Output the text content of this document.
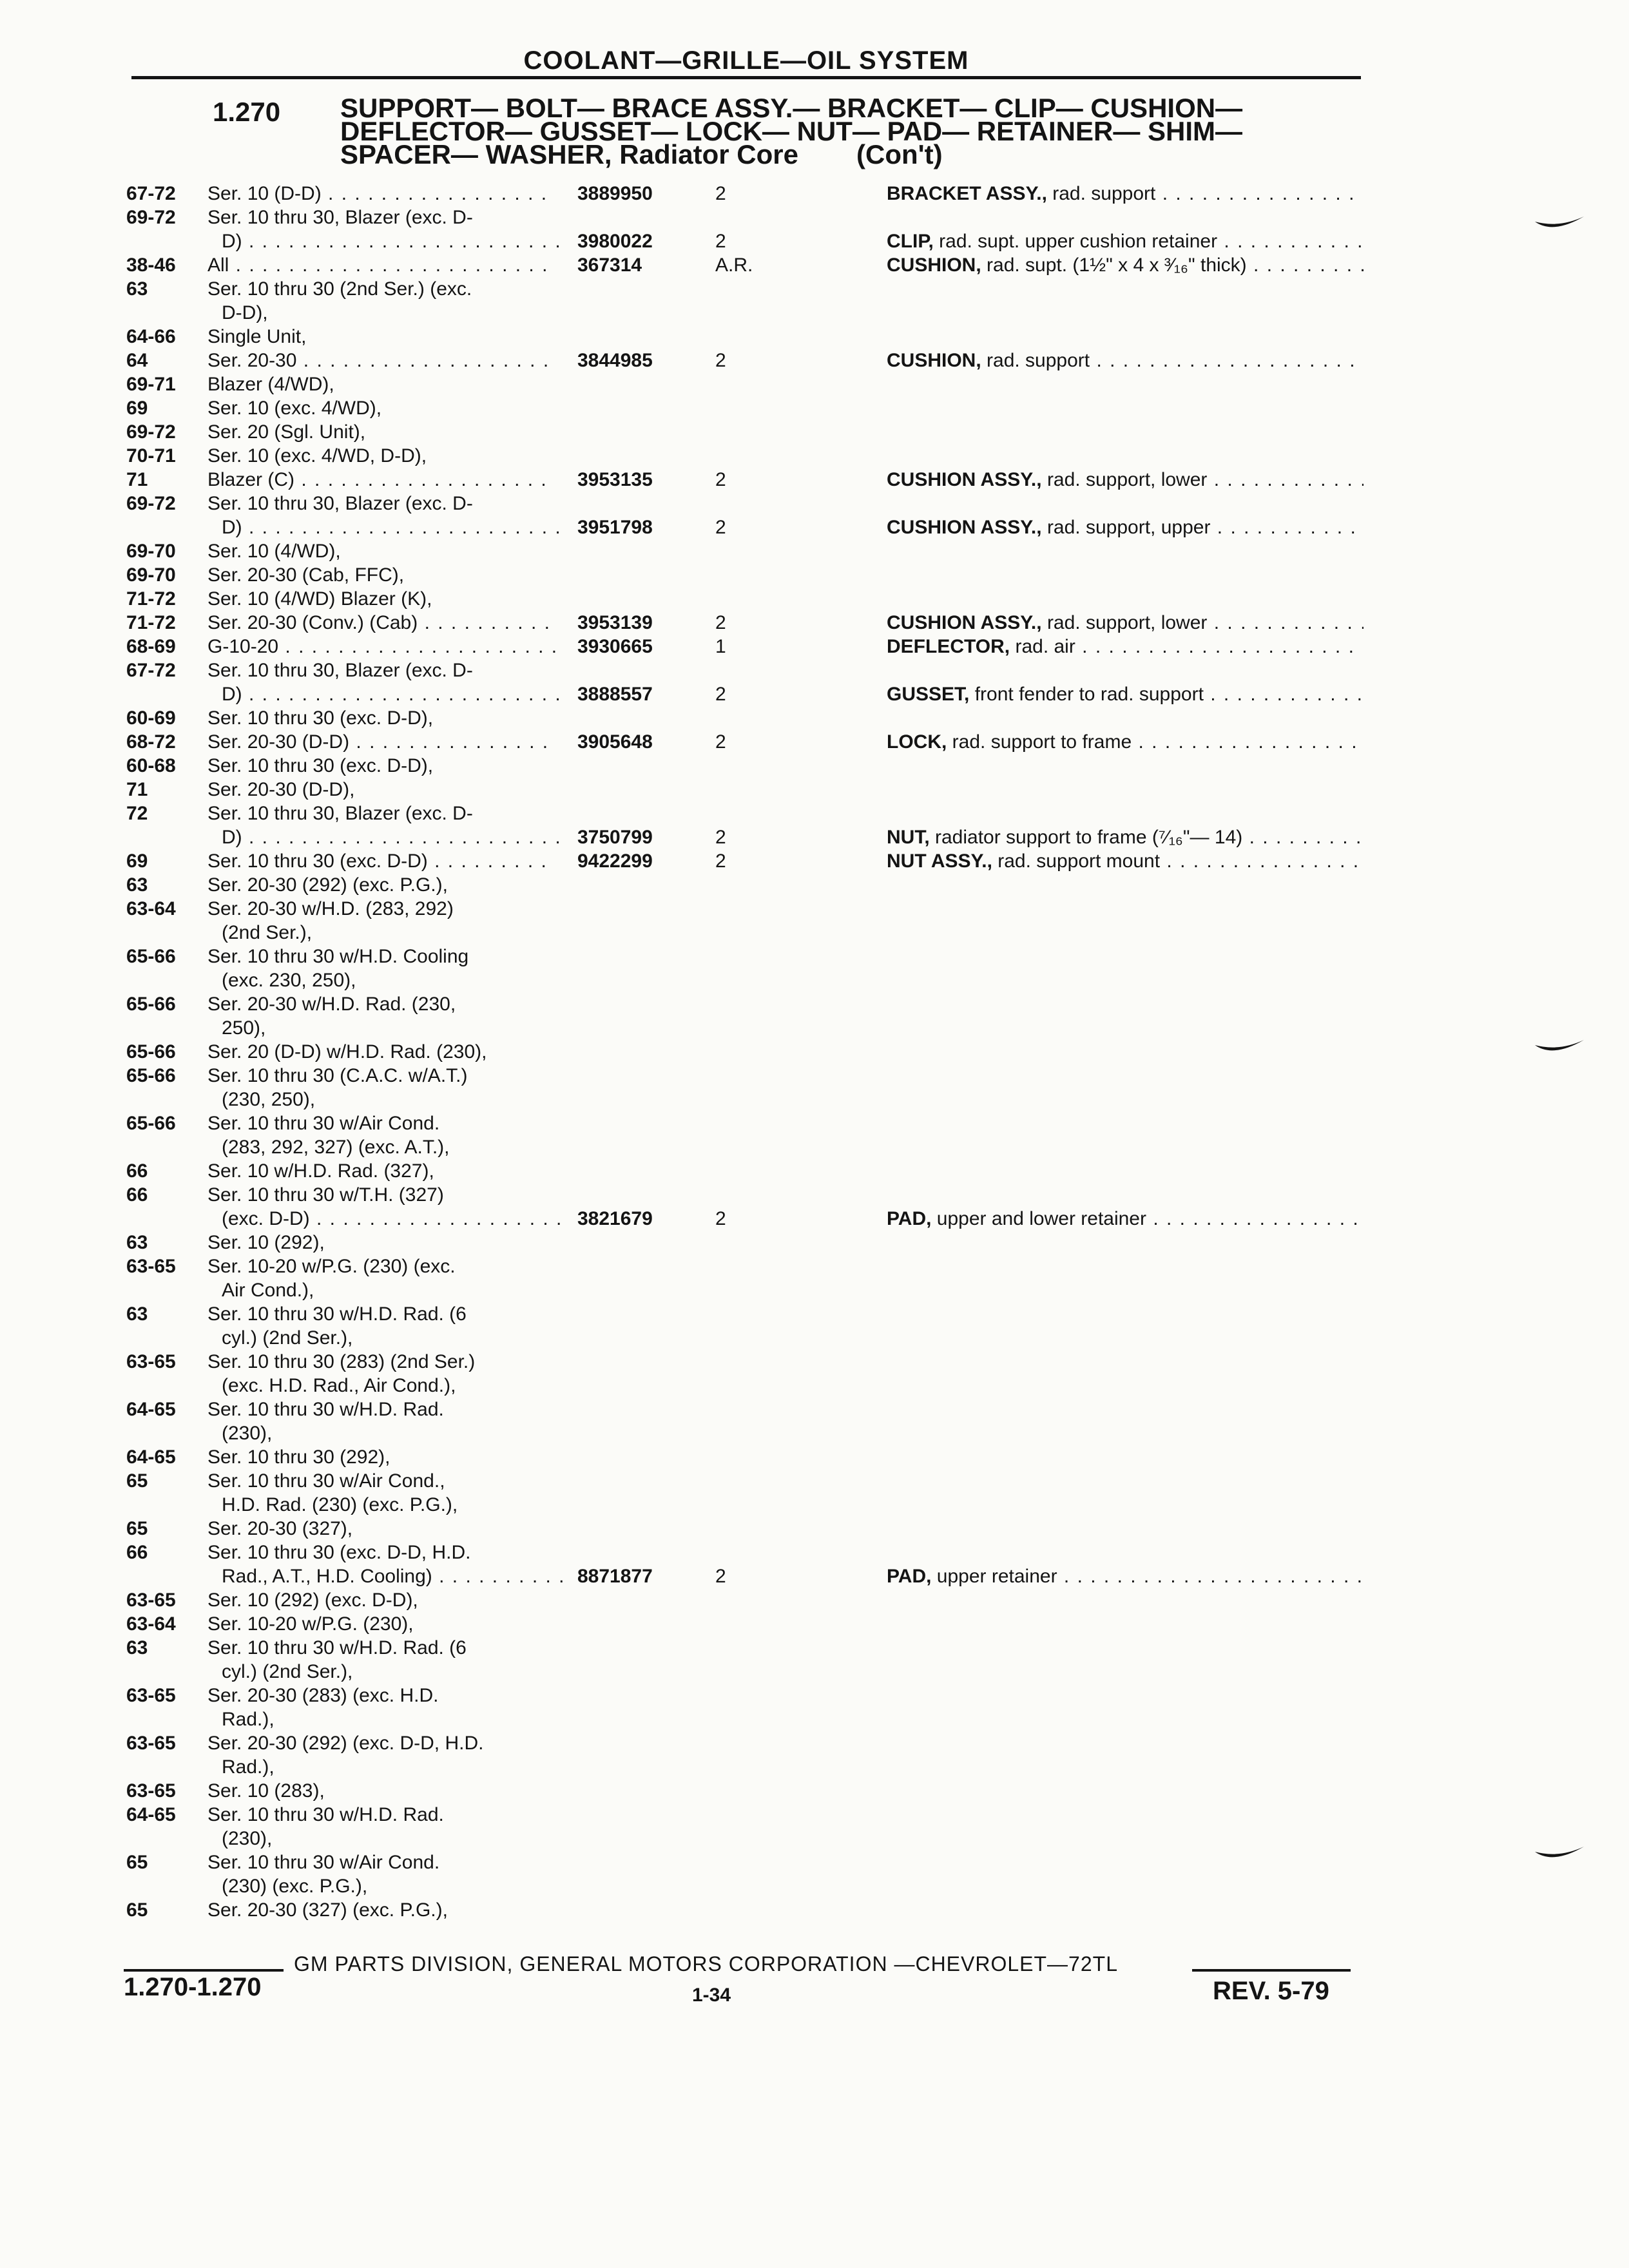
COOLANT—GRILLE—OIL SYSTEM
1.270 SUPPORT— BOLT— BRACE ASSY.— BRACKET— CLIP— CUSHION—
DEFLECTOR— GUSSET— LOCK— NUT— PAD— RETAINER— SHIM—
SPACER— WASHER, Radiator Core (Con't)
67-72 Ser. 10 (D-D) . . .	3889950	2	BRACKET ASSY., rad. support . . .
69-72 Ser. 10 thru 30, Blazer (exc. D-
D) . . .	3980022	2	CLIP, rad. supt. upper cushion retainer . . .
38-46 All . . .	367314	A.R.	CUSHION, rad. supt. (1½" x 4 x ³⁄₁₆" thick) . . .
63	Ser. 10 thru 30 (2nd Ser.) (exc.
D-D),
64-66 Single Unit,
64	Ser. 20-30 . . .	3844985	2	CUSHION, rad. support . . .
69-71 Blazer (4/WD),
69	Ser. 10 (exc. 4/WD),
69-72 Ser. 20 (Sgl. Unit),
70-71 Ser. 10 (exc. 4/WD, D-D),
71	Blazer (C) . . .	3953135	2	CUSHION ASSY., rad. support, lower . . .
69-72 Ser. 10 thru 30, Blazer (exc. D-
D) . . .	3951798	2	CUSHION ASSY., rad. support, upper . . .
69-70 Ser. 10 (4/WD),
69-70 Ser. 20-30 (Cab, FFC),
71-72 Ser. 10 (4/WD) Blazer (K),
71-72 Ser. 20-30 (Conv.) (Cab) . . .	3953139	2	CUSHION ASSY., rad. support, lower . . .
68-69 G-10-20 . . .	3930665	1	DEFLECTOR, rad. air . . .
67-72 Ser. 10 thru 30, Blazer (exc. D-
D) . . .	3888557	2	GUSSET, front fender to rad. support . . .
60-69 Ser. 10 thru 30 (exc. D-D),
68-72 Ser. 20-30 (D-D) . . .	3905648	2	LOCK, rad. support to frame . . .
60-68 Ser. 10 thru 30 (exc. D-D),
71	Ser. 20-30 (D-D),
72	Ser. 10 thru 30, Blazer (exc. D-
D) . . .	3750799	2	NUT, radiator support to frame (⁷⁄₁₆"— 14) . . .
69	Ser. 10 thru 30 (exc. D-D) . . .	9422299	2	NUT ASSY., rad. support mount . . .
63	Ser. 20-30 (292) (exc. P.G.),
63-64 Ser. 20-30 w/H.D. (283, 292)
(2nd Ser.),
65-66 Ser. 10 thru 30 w/H.D. Cooling
(exc. 230, 250),
65-66 Ser. 20-30 w/H.D. Rad. (230,
250),
65-66 Ser. 20 (D-D) w/H.D. Rad. (230),
65-66 Ser. 10 thru 30 (C.A.C. w/A.T.)
(230, 250),
65-66 Ser. 10 thru 30 w/Air Cond.
(283, 292, 327) (exc. A.T.),
66	Ser. 10 w/H.D. Rad. (327),
66	Ser. 10 thru 30 w/T.H. (327)
(exc. D-D) . . .	3821679	2	PAD, upper and lower retainer . . .
63	Ser. 10 (292),
63-65 Ser. 10-20 w/P.G. (230) (exc.
Air Cond.),
63	Ser. 10 thru 30 w/H.D. Rad. (6
cyl.) (2nd Ser.),
63-65 Ser. 10 thru 30 (283) (2nd Ser.)
(exc. H.D. Rad., Air Cond.),
64-65 Ser. 10 thru 30 w/H.D. Rad.
(230),
64-65 Ser. 10 thru 30 (292),
65	Ser. 10 thru 30 w/Air Cond.,
H.D. Rad. (230) (exc. P.G.),
65	Ser. 20-30 (327),
66	Ser. 10 thru 30 (exc. D-D, H.D.
Rad., A.T., H.D. Cooling) . . .	8871877	2	PAD, upper retainer . . .
63-65 Ser. 10 (292) (exc. D-D),
63-64 Ser. 10-20 w/P.G. (230),
63	Ser. 10 thru 30 w/H.D. Rad. (6
cyl.) (2nd Ser.),
63-65 Ser. 20-30 (283) (exc. H.D.
Rad.),
63-65 Ser. 20-30 (292) (exc. D-D, H.D.
Rad.),
63-65 Ser. 10 (283),
64-65 Ser. 10 thru 30 w/H.D. Rad.
(230),
65	Ser. 10 thru 30 w/Air Cond.
(230) (exc. P.G.),
65	Ser. 20-30 (327) (exc. P.G.),
GM PARTS DIVISION, GENERAL MOTORS CORPORATION —CHEVROLET—72TL
1.270-1.270	1-34	REV. 5-79
